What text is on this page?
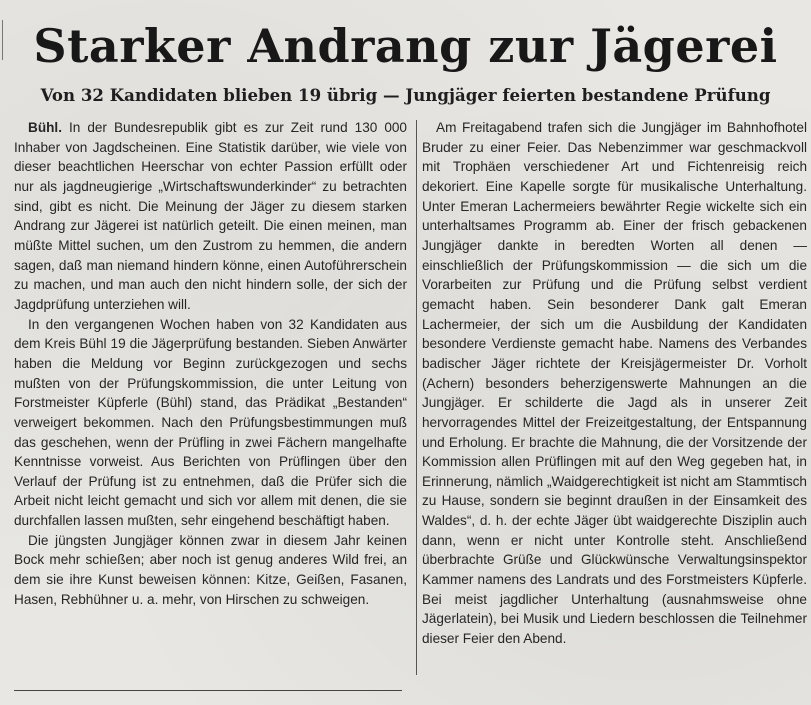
Starker Andrang zur Jägerei
Von 32 Kandidaten blieben 19 übrig — Jungjäger feierten bestandene Prüfung

Bühl. In der Bundesrepublik gibt es zur Zeit rund 130 000 Inhaber von Jagdscheinen. Eine Statistik darüber, wie viele von dieser beachtlichen Heerschar von echter Passion erfüllt oder nur als jagdneugierige „Wirtschaftswunderkinder“ zu betrachten sind, gibt es nicht. Die Meinung der Jäger zu diesem starken Andrang zur Jägerei ist natürlich geteilt. Die einen meinen, man müßte Mittel suchen, um den Zustrom zu hemmen, die andern sagen, daß man niemand hindern könne, einen Autoführerschein zu machen, und man auch den nicht hindern solle, der sich der Jagdprüfung unterziehen will.

In den vergangenen Wochen haben von 32 Kandidaten aus dem Kreis Bühl 19 die Jägerprüfung bestanden. Sieben Anwärter haben die Meldung vor Beginn zurückgezogen und sechs mußten von der Prüfungskommission, die unter Leitung von Forstmeister Küpferle (Bühl) stand, das Prädikat „Bestanden“ verweigert bekommen. Nach den Prüfungsbestimmungen muß das geschehen, wenn der Prüfling in zwei Fächern mangelhafte Kenntnisse vorweist. Aus Berichten von Prüflingen über den Verlauf der Prüfung ist zu entnehmen, daß die Prüfer sich die Arbeit nicht leicht gemacht und sich vor allem mit denen, die sie durchfallen lassen mußten, sehr eingehend beschäftigt haben.

Die jüngsten Jungjäger können zwar in diesem Jahr keinen Bock mehr schießen; aber noch ist genug anderes Wild frei, an dem sie ihre Kunst beweisen können: Kitze, Geißen, Fasanen, Hasen, Rebhühner u. a. mehr, von Hirschen zu schweigen.

Am Freitagabend trafen sich die Jungjäger im Bahnhofhotel Bruder zu einer Feier. Das Nebenzimmer war geschmackvoll mit Trophäen verschiedener Art und Fichtenreisig reich dekoriert. Eine Kapelle sorgte für musikalische Unterhaltung. Unter Emeran Lachermeiers bewährter Regie wickelte sich ein unterhaltsames Programm ab. Einer der frisch gebackenen Jungjäger dankte in beredten Worten all denen — einschließlich der Prüfungskommission — die sich um die Vorarbeiten zur Prüfung und die Prüfung selbst verdient gemacht haben. Sein besonderer Dank galt Emeran Lachermeier, der sich um die Ausbildung der Kandidaten besondere Verdienste gemacht habe. Namens des Verbandes badischer Jäger richtete der Kreisjägermeister Dr. Vorholt (Achern) besonders beherzigenswerte Mahnungen an die Jungjäger. Er schilderte die Jagd als in unserer Zeit hervorragendes Mittel der Freizeitgestaltung, der Entspannung und Erholung. Er brachte die Mahnung, die der Vorsitzende der Kommission allen Prüflingen mit auf den Weg gegeben hat, in Erinnerung, nämlich „Waidgerechtigkeit ist nicht am Stammtisch zu Hause, sondern sie beginnt draußen in der Einsamkeit des Waldes“, d. h. der echte Jäger übt waidgerechte Disziplin auch dann, wenn er nicht unter Kontrolle steht. Anschließend überbrachte Grüße und Glückwünsche Verwaltungsinspektor Kammer namens des Landrats und des Forstmeisters Küpferle. Bei meist jagdlicher Unterhaltung (ausnahmsweise ohne Jägerlatein), bei Musik und Liedern beschlossen die Teilnehmer dieser Feier den Abend.
